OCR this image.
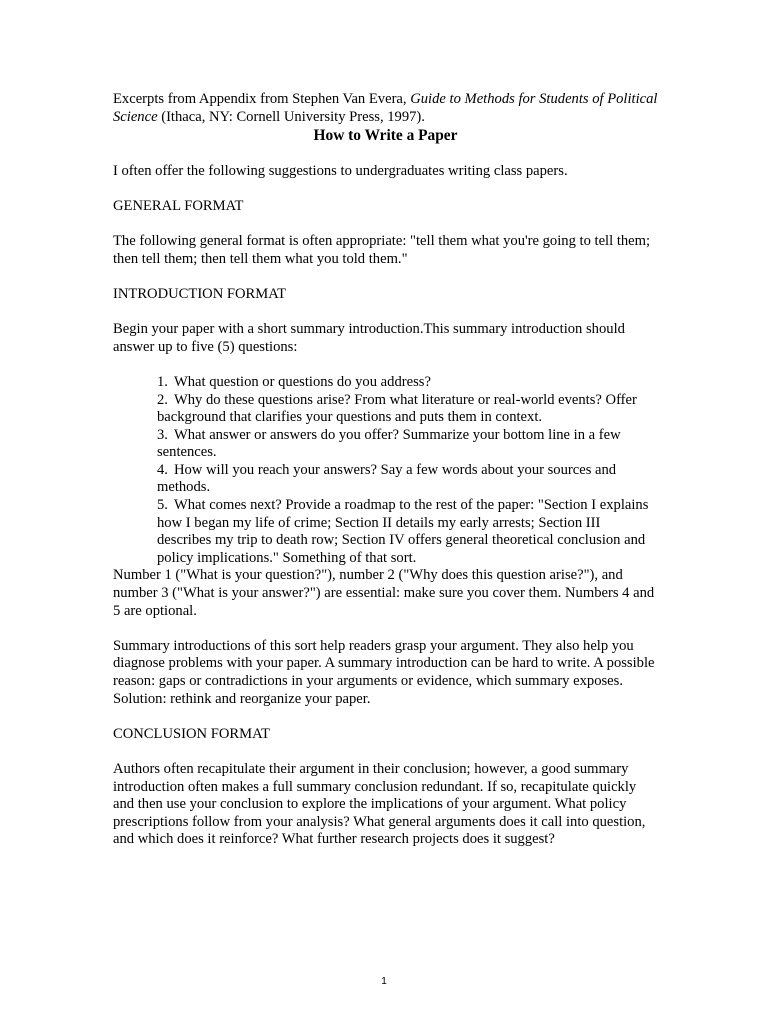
Excerpts from Appendix from Stephen Van Evera, Guide to Methods for Students of Political Science (Ithaca, NY: Cornell University Press, 1997).

How to Write a Paper

I often offer the following suggestions to undergraduates writing class papers.

GENERAL FORMAT

The following general format is often appropriate: "tell them what you're going to tell them; then tell them; then tell them what you told them."

INTRODUCTION FORMAT

Begin your paper with a short summary introduction.This summary introduction should answer up to five (5) questions:

1. What question or questions do you address?
2. Why do these questions arise? From what literature or real-world events? Offer background that clarifies your questions and puts them in context.
3. What answer or answers do you offer? Summarize your bottom line in a few sentences.
4. How will you reach your answers? Say a few words about your sources and methods.
5. What comes next? Provide a roadmap to the rest of the paper: "Section I explains how I began my life of crime; Section II details my early arrests; Section III describes my trip to death row; Section IV offers general theoretical conclusion and policy implications." Something of that sort.

Number 1 ("What is your question?"), number 2 ("Why does this question arise?"), and number 3 ("What is your answer?") are essential: make sure you cover them. Numbers 4 and 5 are optional.

Summary introductions of this sort help readers grasp your argument. They also help you diagnose problems with your paper. A summary introduction can be hard to write. A possible reason: gaps or contradictions in your arguments or evidence, which summary exposes. Solution: rethink and reorganize your paper.

CONCLUSION FORMAT

Authors often recapitulate their argument in their conclusion; however, a good summary introduction often makes a full summary conclusion redundant. If so, recapitulate quickly and then use your conclusion to explore the implications of your argument. What policy prescriptions follow from your analysis? What general arguments does it call into question, and which does it reinforce? What further research projects does it suggest?

1
